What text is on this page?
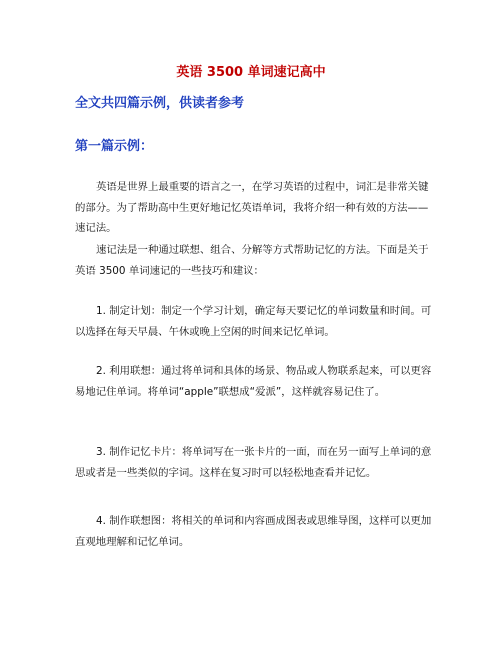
英语 3500 单词速记高中
全文共四篇示例，供读者参考
第一篇示例：

英语是世界上最重要的语言之一，在学习英语的过程中，词汇是非常关键的部分。为了帮助高中生更好地记忆英语单词，我将介绍一种有效的方法——速记法。

速记法是一种通过联想、组合、分解等方式帮助记忆的方法。下面是关于英语 3500 单词速记的一些技巧和建议：

1. 制定计划：制定一个学习计划，确定每天要记忆的单词数量和时间。可以选择在每天早晨、午休或晚上空闲的时间来记忆单词。

2. 利用联想：通过将单词和具体的场景、物品或人物联系起来，可以更容易地记住单词。将单词“apple”联想成“爱派”，这样就容易记住了。

3. 制作记忆卡片：将单词写在一张卡片的一面，而在另一面写上单词的意思或者是一些类似的字词。这样在复习时可以轻松地查看并记忆。

4. 制作联想图：将相关的单词和内容画成图表或思维导图，这样可以更加直观地理解和记忆单词。
